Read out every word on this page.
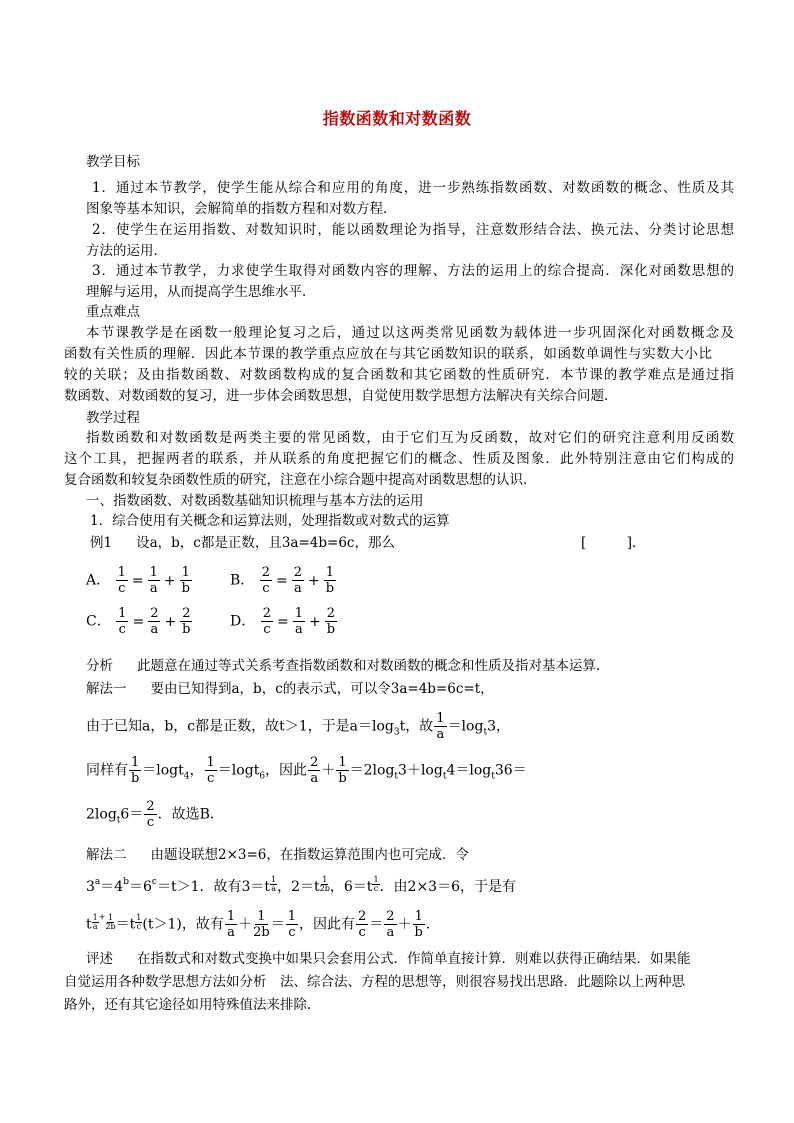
指数函数和对数函数
教学目标
1．通过本节教学，使学生能从综合和应用的角度，进一步熟练指数函数、对数函数的概念、性质及其
图象等基本知识，会解简单的指数方程和对数方程．
2．使学生在运用指数、对数知识时，能以函数理论为指导，注意数形结合法、换元法、分类讨论思想
方法的运用．
3．通过本节教学，力求使学生取得对函数内容的理解、方法的运用上的综合提高．深化对函数思想的
理解与运用，从而提高学生思维水平．
重点难点
本节课教学是在函数一般理论复习之后，通过以这两类常见函数为载体进一步巩固深化对函数概念及
函数有关性质的理解．因此本节课的教学重点应放在与其它函数知识的联系，如函数单调性与实数大小比
较的关联；及由指数函数、对数函数构成的复合函数和其它函数的性质研究．本节课的教学难点是通过指
数函数、对数函数的复习，进一步体会函数思想，自觉使用数学思想方法解决有关综合问题．
教学过程
指数函数和对数函数是两类主要的常见函数，由于它们互为反函数，故对它们的研究注意利用反函数
这个工具，把握两者的联系，并从联系的角度把握它们的概念、性质及图象．此外特别注意由它们构成的
复合函数和较复杂函数性质的研究，注意在小综合题中提高对函数思想的认识．
一、指数函数、对数函数基础知识梳理与基本方法的运用
1．综合使用有关概念和运算法则，处理指数或对数式的运算
例1 设a，b，c都是正数，且3a=4b=6c，那么	[　　　]．
A． $\frac{1}{c} = \frac{1}{a} + \frac{1}{b}$	B． $\frac{2}{c} = \frac{2}{a} + \frac{1}{b}$
C． $\frac{1}{c} = \frac{2}{a} + \frac{2}{b}$	D． $\frac{2}{c} = \frac{1}{a} + \frac{2}{b}$
分析 此题意在通过等式关系考查指数函数和对数函数的概念和性质及指对基本运算．
解法一 要由已知得到a，b，c的表示式，可以令3a=4b=6c=t，
由于已知a，b，c都是正数，故t＞1，于是$a=\log_3t$，故 $\frac{1}{a} =\log_t3$，
同样有 $\frac{1}{b} =\log t_4$， $\frac{1}{c} =\log t_6$，因此 $\frac{2}{a} + \frac{1}{b} =2\log_t3+\log_t4=\log_t36=$
$2\log_t6= \frac{2}{c}$ ．故选B．
解法二 由题设联想2×3=6，在指数运算范围内也可完成．令
$3^a=4^b=6^c=t>1$．故有$3=t \frac{1}{a}$ ，$2=t \frac{1}{2b}$ ，$6=t \frac{1}{c}$ ．由2×3＝6，于是有
t $\frac{1}{a} ^+ \frac{1}{2b} =t \frac{1}{c} (t>1)$，故有 $\frac{1}{a} + \frac{1}{2b} = \frac{1}{c}$ ，因此有 $\frac{2}{c} = \frac{2}{a} + \frac{1}{b}$ ．
评述 在指数式和对数式变换中如果只会套用公式．作简单直接计算．则难以获得正确结果．如果能
自觉运用各种数学思想方法如分析　法、综合法、方程的思想等，则很容易找出思路．此题除以上两种思
路外，还有其它途径如用特殊值法来排除．
